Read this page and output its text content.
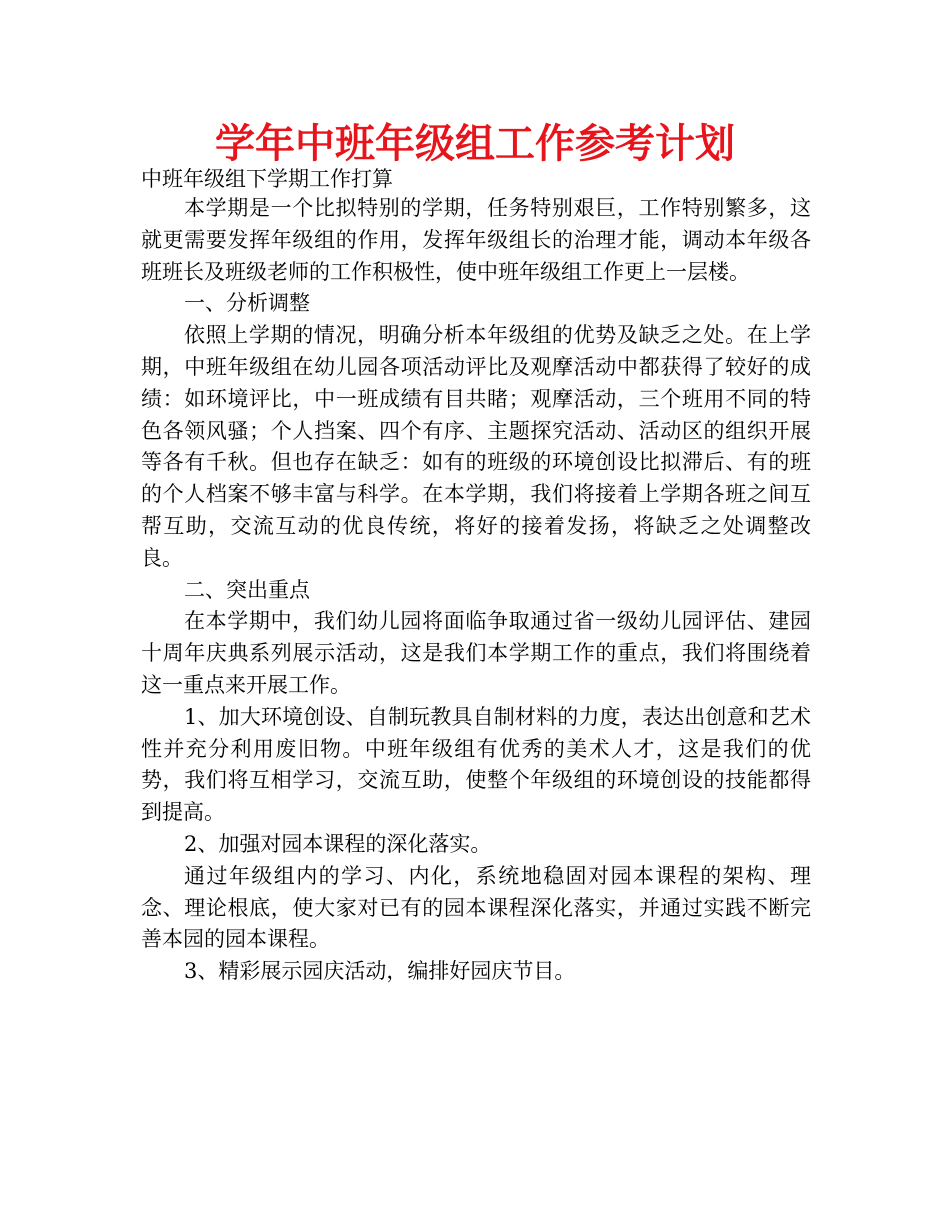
学年中班年级组工作参考计划

中班年级组下学期工作打算

本学期是一个比拟特别的学期，任务特别艰巨，工作特别繁多，这就更需要发挥年级组的作用，发挥年级组长的治理才能，调动本年级各班班长及班级老师的工作积极性，使中班年级组工作更上一层楼。

一、分析调整

依照上学期的情况，明确分析本年级组的优势及缺乏之处。在上学期，中班年级组在幼儿园各项活动评比及观摩活动中都获得了较好的成绩：如环境评比，中一班成绩有目共睹；观摩活动，三个班用不同的特色各领风骚；个人挡案、四个有序、主题探究活动、活动区的组织开展等各有千秋。但也存在缺乏：如有的班级的环境创设比拟滞后、有的班的个人档案不够丰富与科学。在本学期，我们将接着上学期各班之间互帮互助，交流互动的优良传统，将好的接着发扬，将缺乏之处调整改良。

二、突出重点

在本学期中，我们幼儿园将面临争取通过省一级幼儿园评估、建园十周年庆典系列展示活动，这是我们本学期工作的重点，我们将围绕着这一重点来开展工作。

1、加大环境创设、自制玩教具自制材料的力度，表达出创意和艺术性并充分利用废旧物。中班年级组有优秀的美术人才，这是我们的优势，我们将互相学习，交流互助，使整个年级组的环境创设的技能都得到提高。

2、加强对园本课程的深化落实。

通过年级组内的学习、内化，系统地稳固对园本课程的架构、理念、理论根底，使大家对已有的园本课程深化落实，并通过实践不断完善本园的园本课程。

3、精彩展示园庆活动，编排好园庆节目。
